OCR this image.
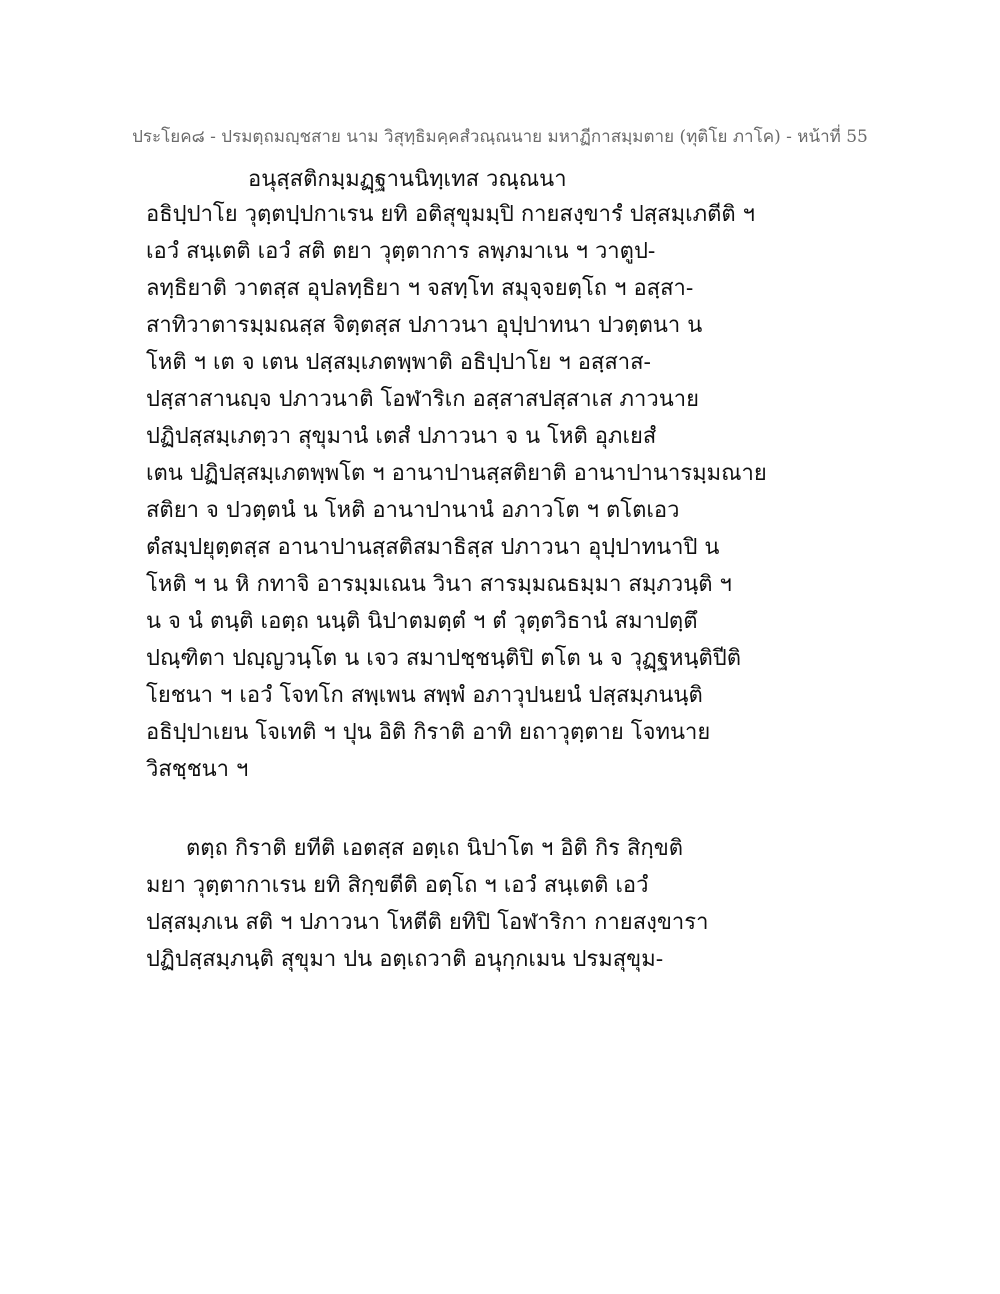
ประโยค๘ - ปรมตฺถมญฺชสาย นาม วิสุทฺธิมคฺคสํวณฺณนาย มหาฏีกาสมฺมตาย (ทุติโย ภาโค) - หน้าที่ 55
อนุสฺสติกมฺมฏฺฐานนิทฺเทส วณฺณนา
อธิปฺปาโย วุตฺตปฺปกาเรน ยทิ อติสุขุมมฺปิ กายสงฺขารํ ปสฺสมฺเภตีติ ฯ
เอวํ สนฺเตติ เอวํ สติ ตยา วุตฺตาการ ลพฺภมาเน ฯ วาตูป-
ลทฺธิยาติ วาตสฺส อุปลทฺธิยา ฯ จสทฺโท สมุจฺจยตฺโถ ฯ อสฺสา-
สาทิวาตารมฺมณสฺส จิตฺตสฺส ปภาวนา อุปฺปาทนา ปวตฺตนา น
โหติ ฯ เต จ เตน ปสฺสมฺเภตพฺพาติ อธิปฺปาโย ฯ อสฺสาส-
ปสฺสาสานญฺจ ปภาวนาติ โอฬาริเก อสฺสาสปสฺสาเส ภาวนาย
ปฏิปสฺสมฺเภตฺวา สุขุมานํ เตสํ ปภาวนา จ น โหติ อุภเยสํ
เตน ปฏิปสฺสมฺเภตพฺพโต ฯ อานาปานสฺสติยาติ อานาปานารมฺมณาย
สติยา จ ปวตฺตนํ น โหติ อานาปานานํ อภาวโต ฯ ตโตเอว
ตํสมฺปยุตฺตสฺส อานาปานสฺสติสมาธิสฺส ปภาวนา อุปฺปาทนาปิ น
โหติ ฯ น หิ กทาจิ อารมฺมเณน วินา สารมฺมณธมฺมา สมฺภวนฺติ ฯ
น จ นํ ตนฺติ เอตฺถ นนฺติ นิปาตมตฺตํ ฯ ตํ วุตฺตวิธานํ สมาปตฺตึ
ปณฺฑิตา ปญฺญวนฺโต น เจว สมาปชฺชนฺติปิ ตโต น จ วุฏฺฐหนฺติปีติ
โยชนา ฯ เอวํ โจทโก สพฺเพน สพฺพํ อภาวุปนยนํ ปสฺสมฺภนนฺติ
อธิปฺปาเยน โจเทติ ฯ ปุน อิติ กิราติ อาทิ ยถาวุตฺตาย โจทนาย
วิสชฺชนา ฯ
ตตฺถ กิราติ ยทีติ เอตสฺส อตฺเถ นิปาโต ฯ อิติ กิร สิกฺขติ
มยา วุตฺตากาเรน ยทิ สิกฺขตีติ อตฺโถ ฯ เอวํ สนฺเตติ เอวํ
ปสฺสมฺภเน สติ ฯ ปภาวนา โหตีติ ยทิปิ โอฬาริกา กายสงฺขารา
ปฏิปสฺสมฺภนฺติ สุขุมา ปน อตฺเถวาติ อนุกฺกเมน ปรมสุขุม-
